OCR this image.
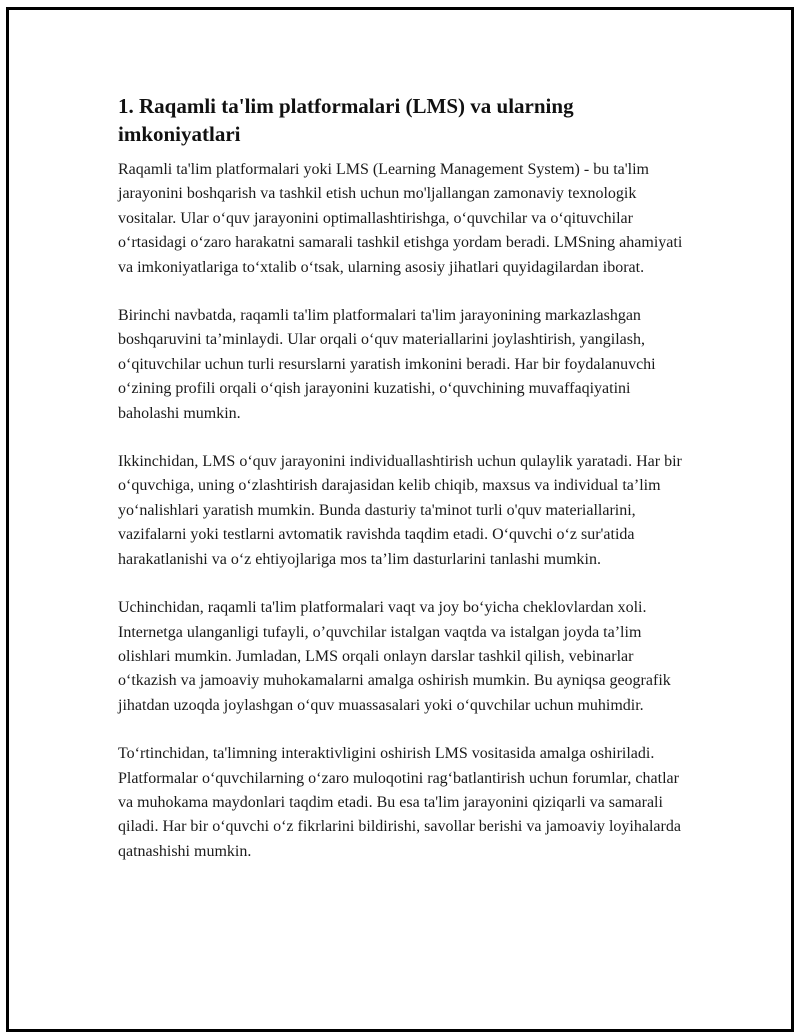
1. Raqamli ta'lim platformalari (LMS) va ularning imkoniyatlari

Raqamli ta'lim platformalari yoki LMS (Learning Management System) - bu ta'lim jarayonini boshqarish va tashkil etish uchun mo'ljallangan zamonaviy texnologik vositalar. Ular o‘quv jarayonini optimallashtirishga, o‘quvchilar va o‘qituvchilar o‘rtasidagi o‘zaro harakatni samarali tashkil etishga yordam beradi. LMSning ahamiyati va imkoniyatlariga to‘xtalib o‘tsak, ularning asosiy jihatlari quyidagilardan iborat.

Birinchi navbatda, raqamli ta'lim platformalari ta'lim jarayonining markazlashgan boshqaruvini ta’minlaydi. Ular orqali o‘quv materiallarini joylashtirish, yangilash, o‘qituvchilar uchun turli resurslarni yaratish imkonini beradi. Har bir foydalanuvchi o‘zining profili orqali o‘qish jarayonini kuzatishi, o‘quvchining muvaffaqiyatini baholashi mumkin.

Ikkinchidan, LMS o‘quv jarayonini individuallashtirish uchun qulaylik yaratadi. Har bir o‘quvchiga, uning o‘zlashtirish darajasidan kelib chiqib, maxsus va individual ta’lim yo‘nalishlari yaratish mumkin. Bunda dasturiy ta'minot turli o'quv materiallarini, vazifalarni yoki testlarni avtomatik ravishda taqdim etadi. O‘quvchi o‘z sur'atida harakatlanishi va o‘z ehtiyojlariga mos ta’lim dasturlarini tanlashi mumkin.

Uchinchidan, raqamli ta'lim platformalari vaqt va joy bo‘yicha cheklovlardan xoli. Internetga ulanganligi tufayli, o’quvchilar istalgan vaqtda va istalgan joyda ta’lim olishlari mumkin. Jumladan, LMS orqali onlayn darslar tashkil qilish, vebinarlar o‘tkazish va jamoaviy muhokamalarni amalga oshirish mumkin. Bu ayniqsa geografik jihatdan uzoqda joylashgan o‘quv muassasalari yoki o‘quvchilar uchun muhimdir.

To‘rtinchidan, ta'limning interaktivligini oshirish LMS vositasida amalga oshiriladi. Platformalar o‘quvchilarning o‘zaro muloqotini rag‘batlantirish uchun forumlar, chatlar va muhokama maydonlari taqdim etadi. Bu esa ta'lim jarayonini qiziqarli va samarali qiladi. Har bir o‘quvchi o‘z fikrlarini bildirishi, savollar berishi va jamoaviy loyihalarda qatnashishi mumkin.
